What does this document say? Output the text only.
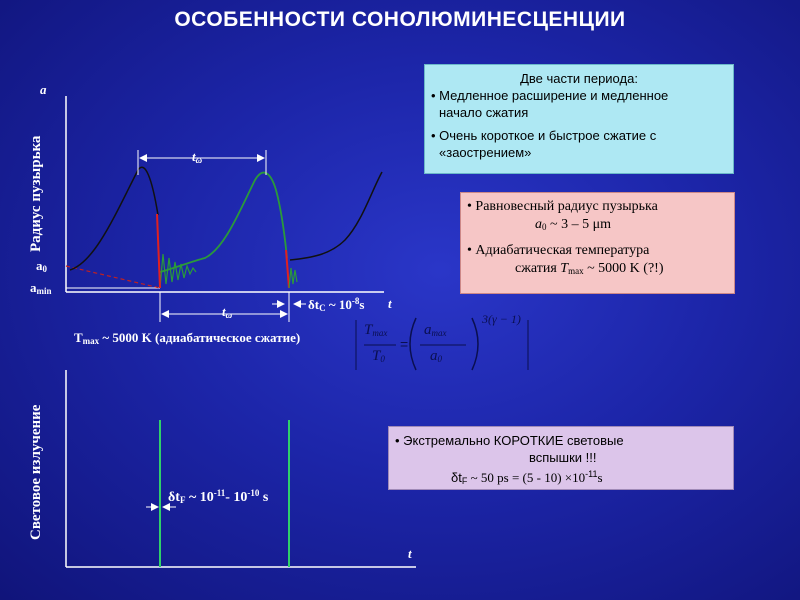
ОСОБЕННОСТИ СОНОЛЮМИНЕСЦЕНЦИИ
Радиус пузырька
a
t
$a_0$
$a_{min}$
$t_\omega$
$t_\omega$
$\delta t_C$ ~ $10^{-8}s$
$T_{max}$ ~ 5000 K (адиабатическое сжатие)	$T_{max}$
$T_0$
=
$a_{max}$
$a_0$
3(γ − 1)
Световое излучение
t
$\delta t_F$ ~ $10^{-11}-$ $10^{-10}$ s
Две части периода:
• Медленное расширение и медленное
начало сжатия
• Очень короткое и быстрое сжатие с
«заострением»
• Равновесный радиус пузырька
$a_0$ ~ 3 – 5 μm
• Адиабатическая температура
сжатия $T_{max}$ ~ 5000 K (?!)
• Экстремально КОРОТКИЕ световые
вспышки !!!
$\delta t_F$ ~ 50 ps = $(5 - 10) \times 10^{-11}s$
